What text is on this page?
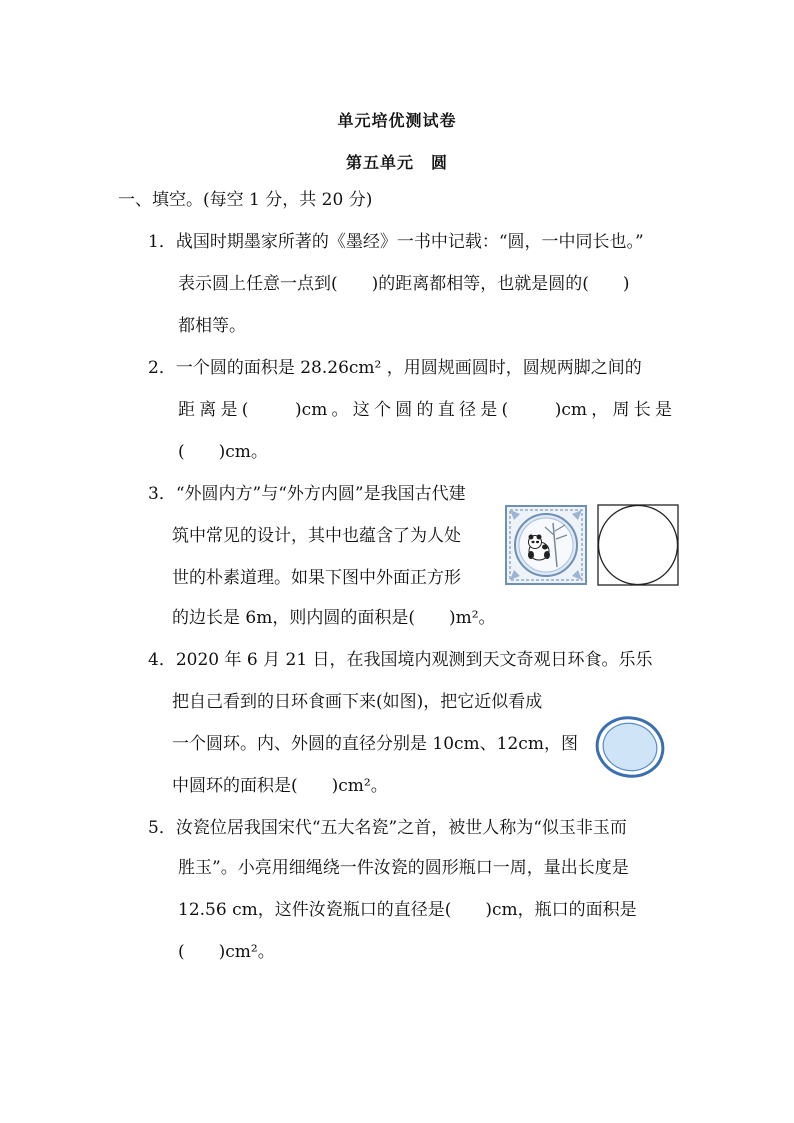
单元培优测试卷
第五单元　圆
一、填空。(每空 1 分，共 20 分)
1．战国时期墨家所著的《墨经》一书中记载：“圆，一中同长也。”
表示圆上任意一点到(　　)的距离都相等，也就是圆的(　　)
都相等。
2．一个圆的面积是 28.26cm² ，用圆规画圆时，圆规两脚之间的
距离是(　　)cm。这个圆的直径是(　　)cm，周长是
(　　)cm。
3．“外圆内方”与“外方内圆”是我国古代建
筑中常见的设计，其中也蕴含了为人处
世的朴素道理。如果下图中外面正方形
的边长是 6m，则内圆的面积是(　　)m²。
4．2020 年 6 月 21 日，在我国境内观测到天文奇观日环食。乐乐
把自己看到的日环食画下来(如图)，把它近似看成
一个圆环。内、外圆的直径分别是 10cm、12cm，图
中圆环的面积是(　　)cm²。
5．汝瓷位居我国宋代“五大名瓷”之首，被世人称为“似玉非玉而
胜玉”。小亮用细绳绕一件汝瓷的圆形瓶口一周，量出长度是
12.56 cm，这件汝瓷瓶口的直径是(　　)cm，瓶口的面积是
(　　)cm²。
